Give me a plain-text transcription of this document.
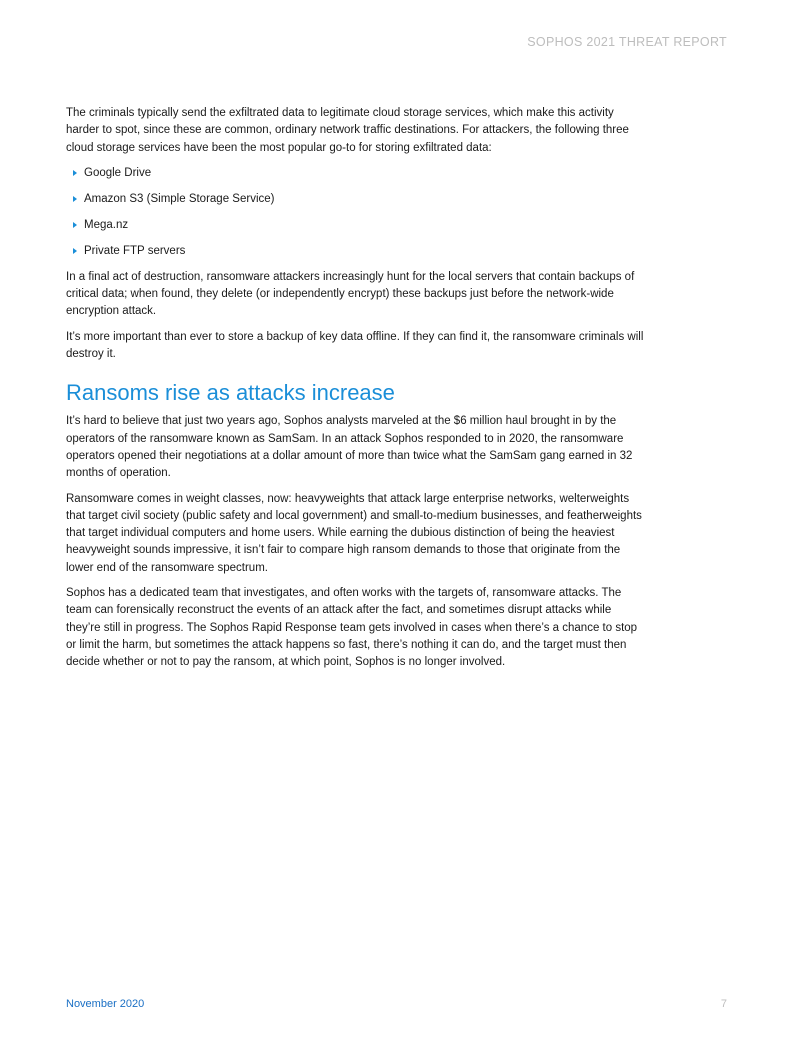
SOPHOS 2021 THREAT REPORT

The criminals typically send the exfiltrated data to legitimate cloud storage services, which make this activity harder to spot, since these are common, ordinary network traffic destinations. For attackers, the following three cloud storage services have been the most popular go-to for storing exfiltrated data:

Google Drive
Amazon S3 (Simple Storage Service)
Mega.nz
Private FTP servers

In a final act of destruction, ransomware attackers increasingly hunt for the local servers that contain backups of critical data; when found, they delete (or independently encrypt) these backups just before the network-wide encryption attack.

It’s more important than ever to store a backup of key data offline. If they can find it, the ransomware criminals will destroy it.

Ransoms rise as attacks increase

It’s hard to believe that just two years ago, Sophos analysts marveled at the $6 million haul brought in by the operators of the ransomware known as SamSam. In an attack Sophos responded to in 2020, the ransomware operators opened their negotiations at a dollar amount of more than twice what the SamSam gang earned in 32 months of operation.

Ransomware comes in weight classes, now: heavyweights that attack large enterprise networks, welterweights that target civil society (public safety and local government) and small-to-medium businesses, and featherweights that target individual computers and home users. While earning the dubious distinction of being the heaviest heavyweight sounds impressive, it isn’t fair to compare high ransom demands to those that originate from the lower end of the ransomware spectrum.

Sophos has a dedicated team that investigates, and often works with the targets of, ransomware attacks. The team can forensically reconstruct the events of an attack after the fact, and sometimes disrupt attacks while they’re still in progress. The Sophos Rapid Response team gets involved in cases when there’s a chance to stop or limit the harm, but sometimes the attack happens so fast, there’s nothing it can do, and the target must then decide whether or not to pay the ransom, at which point, Sophos is no longer involved.

November 2020	7
